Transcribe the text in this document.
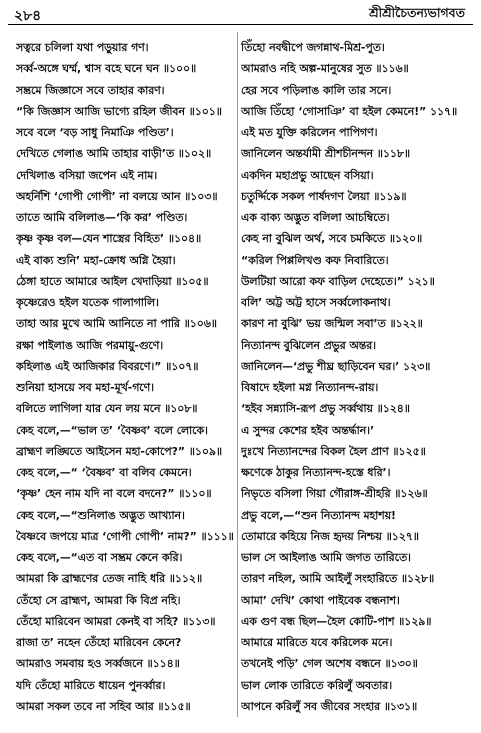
২৮৪	শ্রীশ্রীচৈতন্যভাগবত
সত্বরে চলিলা যথা পড়ুয়ার গণ।
সর্ব্ব-অঙ্গে ঘর্ম্ম, শ্বাস বহে ঘনে ঘন ॥১০০॥
সম্ভ্রমে জিজ্ঞাসে সবে তাহার কারণ।
“কি জিজ্ঞাস আজি ভাগ্যে রহিল জীবন ॥১০১॥
সবে বলে ‘বড় সাধু নিমাঞি পণ্ডিত’।
দেখিতে গেলাঙ আমি তাহার বাড়ী’ত ॥১০২॥
দেখিলাঙ বসিয়া জপেন এই নাম।
অহর্নিশি ‘গোপী গোপী’ না বলয়ে আন ॥১০৩॥
তাতে আমি বলিলাঙ—‘কি কর’ পণ্ডিত।
কৃষ্ণ কৃষ্ণ বল—যেন শাস্ত্রের বিহিত’ ॥১০৪॥
এই বাক্য শুনি’ মহা-ক্রোধ অগ্নি হৈয়া।
ঠেঙ্গা হাতে আমারে আইল খেদাড়িয়া ॥১০৫॥
কৃষ্ণেরেও হইল যতেক গালাগালি।
তাহা আর মুখে আমি আনিতে না পারি ॥১০৬॥
রক্ষা পাইলাঙ আজি পরমায়ু-গুণে।
কহিলাঙ এই আজিকার বিবরণে।” ॥১০৭॥
শুনিয়া হাসয়ে সব মহা-মূর্খ-গণে।
বলিতে লাগিলা যার যেন লয় মনে ॥১০৮॥
কেহ বলে,—“ভাল ত’ ‘বৈষ্ণব’ বলে লোকে।
ব্রাহ্মণ লঙ্ঘিতে আইসেন মহা-কোপে?” ॥১০৯॥
কেহ বলে,—“ ‘বৈষ্ণব’ বা বলিব কেমনে।
‘কৃষ্ণ’ হেন নাম যদি না বলে বদনে?” ॥১১০॥
কেহ বলে,—“শুনিলাঙ অদ্ভুত আখ্যান।
বৈষ্ণবে জপয়ে মাত্র ‘গোপী গোপী’ নাম?” ॥১১১॥
কেহ বলে,—“এত বা সম্ভ্রম কেনে করি।
আমরা কি ব্রাহ্মণের তেজ নাহি ধরি ॥১১২॥
তেঁহো সে ব্রাহ্মণ, আমরা কি বিপ্র নহি।
তেঁহো মারিবেন আমরা কেনই বা সহি? ॥১১৩॥
রাজা ত’ নহেন তেঁহো মারিবেন কেনে?
আমরাও সমবায় হও সর্ব্বজনে ॥১১৪॥
যদি তেঁহো মারিতে ধায়েন পুনর্ব্বার।
আমরা সকল তবে না সহিব আর ॥১১৫॥
তিঁহো নবদ্বীপে জগন্নাথ-মিশ্র-পুত।
আমরাও নহি অল্প-মানুষের সুত ॥১১৬॥
হের সবে পড়িলাঙ কালি তার সনে।
আজি তিঁহো ‘গোসাঞি’ বা হইল কেমনে!” ১১৭॥
এই মত যুক্তি করিলেন পাপিগণ।
জানিলেন অন্তর্যামী শ্রীশচীনন্দন ॥১১৮॥
একদিন মহাপ্রভু আছেন বসিয়া।
চতুর্দ্দিকে সকল পার্ষদগণ লৈয়া ॥১১৯॥
এক বাক্য অদ্ভুত বলিলা আচম্বিতে।
কেহ না বুঝিল অর্থ, সবে চমকিতে ॥১২০॥
“করিল পিপ্পলিখণ্ড কফ নিবারিতে।
উলটিয়া আরো কফ বাড়িল দেহেতে।” ১২১॥
বলি’ অট্ট অট্ট হাসে সর্ব্বলোকনাথ।
কারণ না বুঝি’ ভয় জন্মিল সবা’ত ॥১২২॥
নিত্যানন্দ বুঝিলেন প্রভুর অন্তর।
জানিলেন—‘প্রভু শীঘ্র ছাড়িবেন ঘর।’ ১২৩॥
বিষাদে হইলা মগ্ন নিত্যানন্দ-রায়।
‘হইব সন্ন্যাসি-রূপ প্রভু সর্ব্বথায় ॥১২৪॥
এ সুন্দর কেশের হইব অন্তর্দ্ধান।’
দুঃখে নিত্যানন্দের বিকল হৈল প্রাণ ॥১২৫॥
ক্ষণেকে ঠাকুর নিত্যানন্দ-হস্তে ধরি’।
নিভৃতে বসিলা গিয়া গৌরাঙ্গ-শ্রীহরি ॥১২৬॥
প্রভু বলে,—“শুন নিত্যানন্দ মহাশয়!
তোমারে কহিয়ে নিজ হৃদয় নিশ্চয় ॥১২৭॥
ভাল সে আইলাঙ আমি জগত তারিতে।
তারণ নহিল, আমি আইলুঁ সংহারিতে ॥১২৮॥
আমা’ দেখি’ কোথা পাইবেক বন্ধনাশ।
এক গুণ বন্ধ ছিল—হৈল কোটি-পাশ ॥১২৯॥
আমারে মারিতে যবে করিলেক মনে।
তখনেই পড়ি’ গেল অশেষ বন্ধনে ॥১৩০॥
ভাল লোক তারিতে করিলুঁ অবতার।
আপনে করিলুঁ সব জীবের সংহার ॥১৩১॥
